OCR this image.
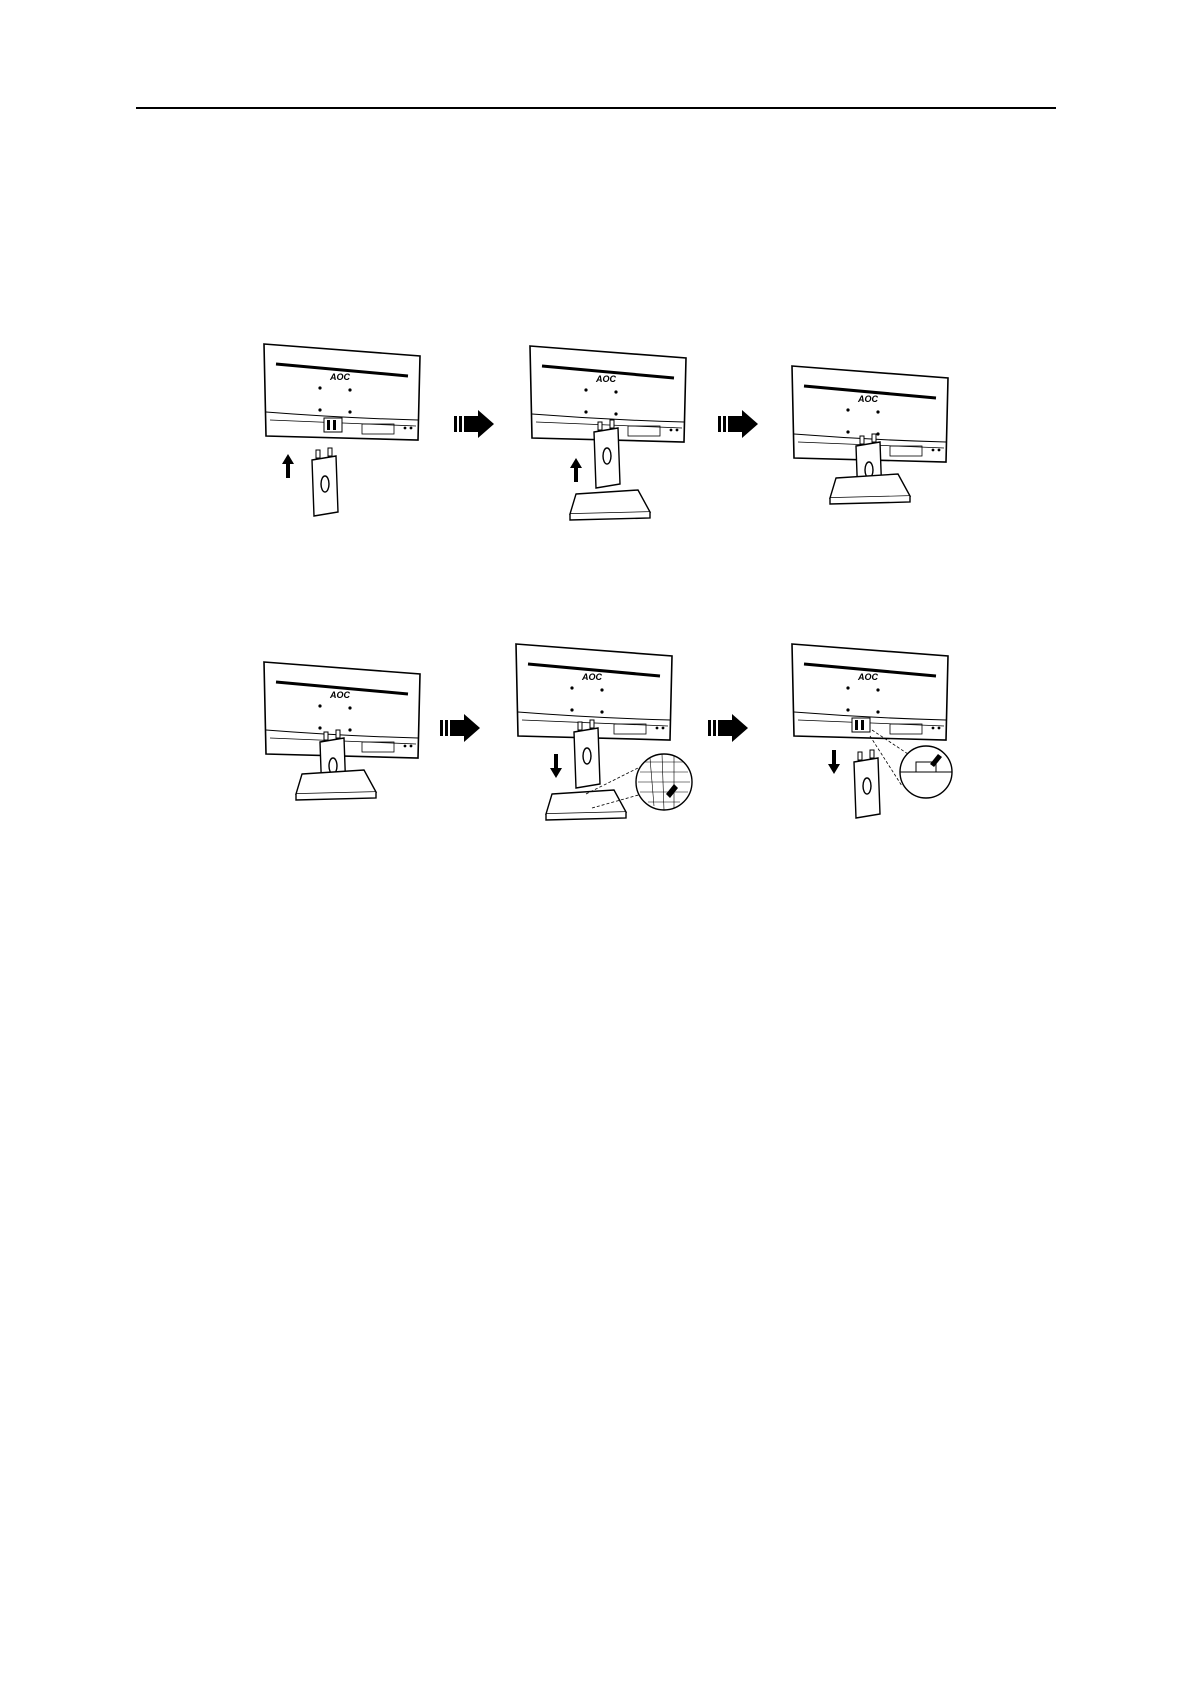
AOC	AOC
AOC
AOC
AOC	AOC
